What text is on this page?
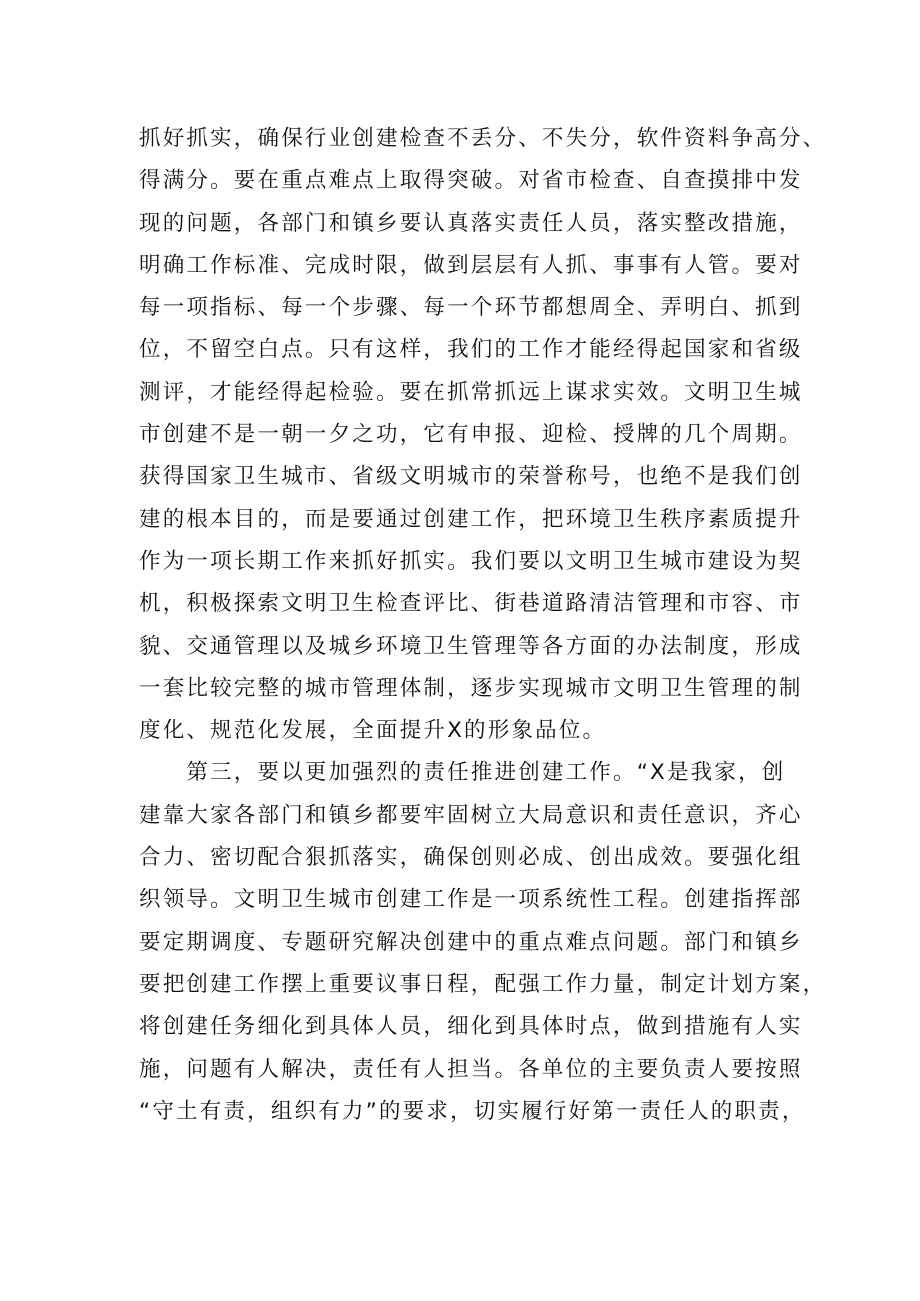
抓好抓实，确保行业创建检查不丢分、不失分，软件资料争高分、
得满分。要在重点难点上取得突破。对省市检查、自查摸排中发
现的问题，各部门和镇乡要认真落实责任人员，落实整改措施，
明确工作标准、完成时限，做到层层有人抓、事事有人管。要对
每一项指标、每一个步骤、每一个环节都想周全、弄明白、抓到
位，不留空白点。只有这样，我们的工作才能经得起国家和省级
测评，才能经得起检验。要在抓常抓远上谋求实效。文明卫生城
市创建不是一朝一夕之功，它有申报、迎检、授牌的几个周期。
获得国家卫生城市、省级文明城市的荣誉称号，也绝不是我们创
建的根本目的，而是要通过创建工作，把环境卫生秩序素质提升
作为一项长期工作来抓好抓实。我们要以文明卫生城市建设为契
机，积极探索文明卫生检查评比、街巷道路清洁管理和市容、市
貌、交通管理以及城乡环境卫生管理等各方面的办法制度，形成
一套比较完整的城市管理体制，逐步实现城市文明卫生管理的制
度化、规范化发展，全面提升X的形象品位。
　　第三，要以更加强烈的责任推进创建工作。“X是我家，创
建靠大家各部门和镇乡都要牢固树立大局意识和责任意识，齐心
合力、密切配合狠抓落实，确保创则必成、创出成效。要强化组
织领导。文明卫生城市创建工作是一项系统性工程。创建指挥部
要定期调度、专题研究解决创建中的重点难点问题。部门和镇乡
要把创建工作摆上重要议事日程，配强工作力量，制定计划方案，
将创建任务细化到具体人员，细化到具体时点，做到措施有人实
施，问题有人解决，责任有人担当。各单位的主要负责人要按照
“守土有责，组织有力”的要求，切实履行好第一责任人的职责，
